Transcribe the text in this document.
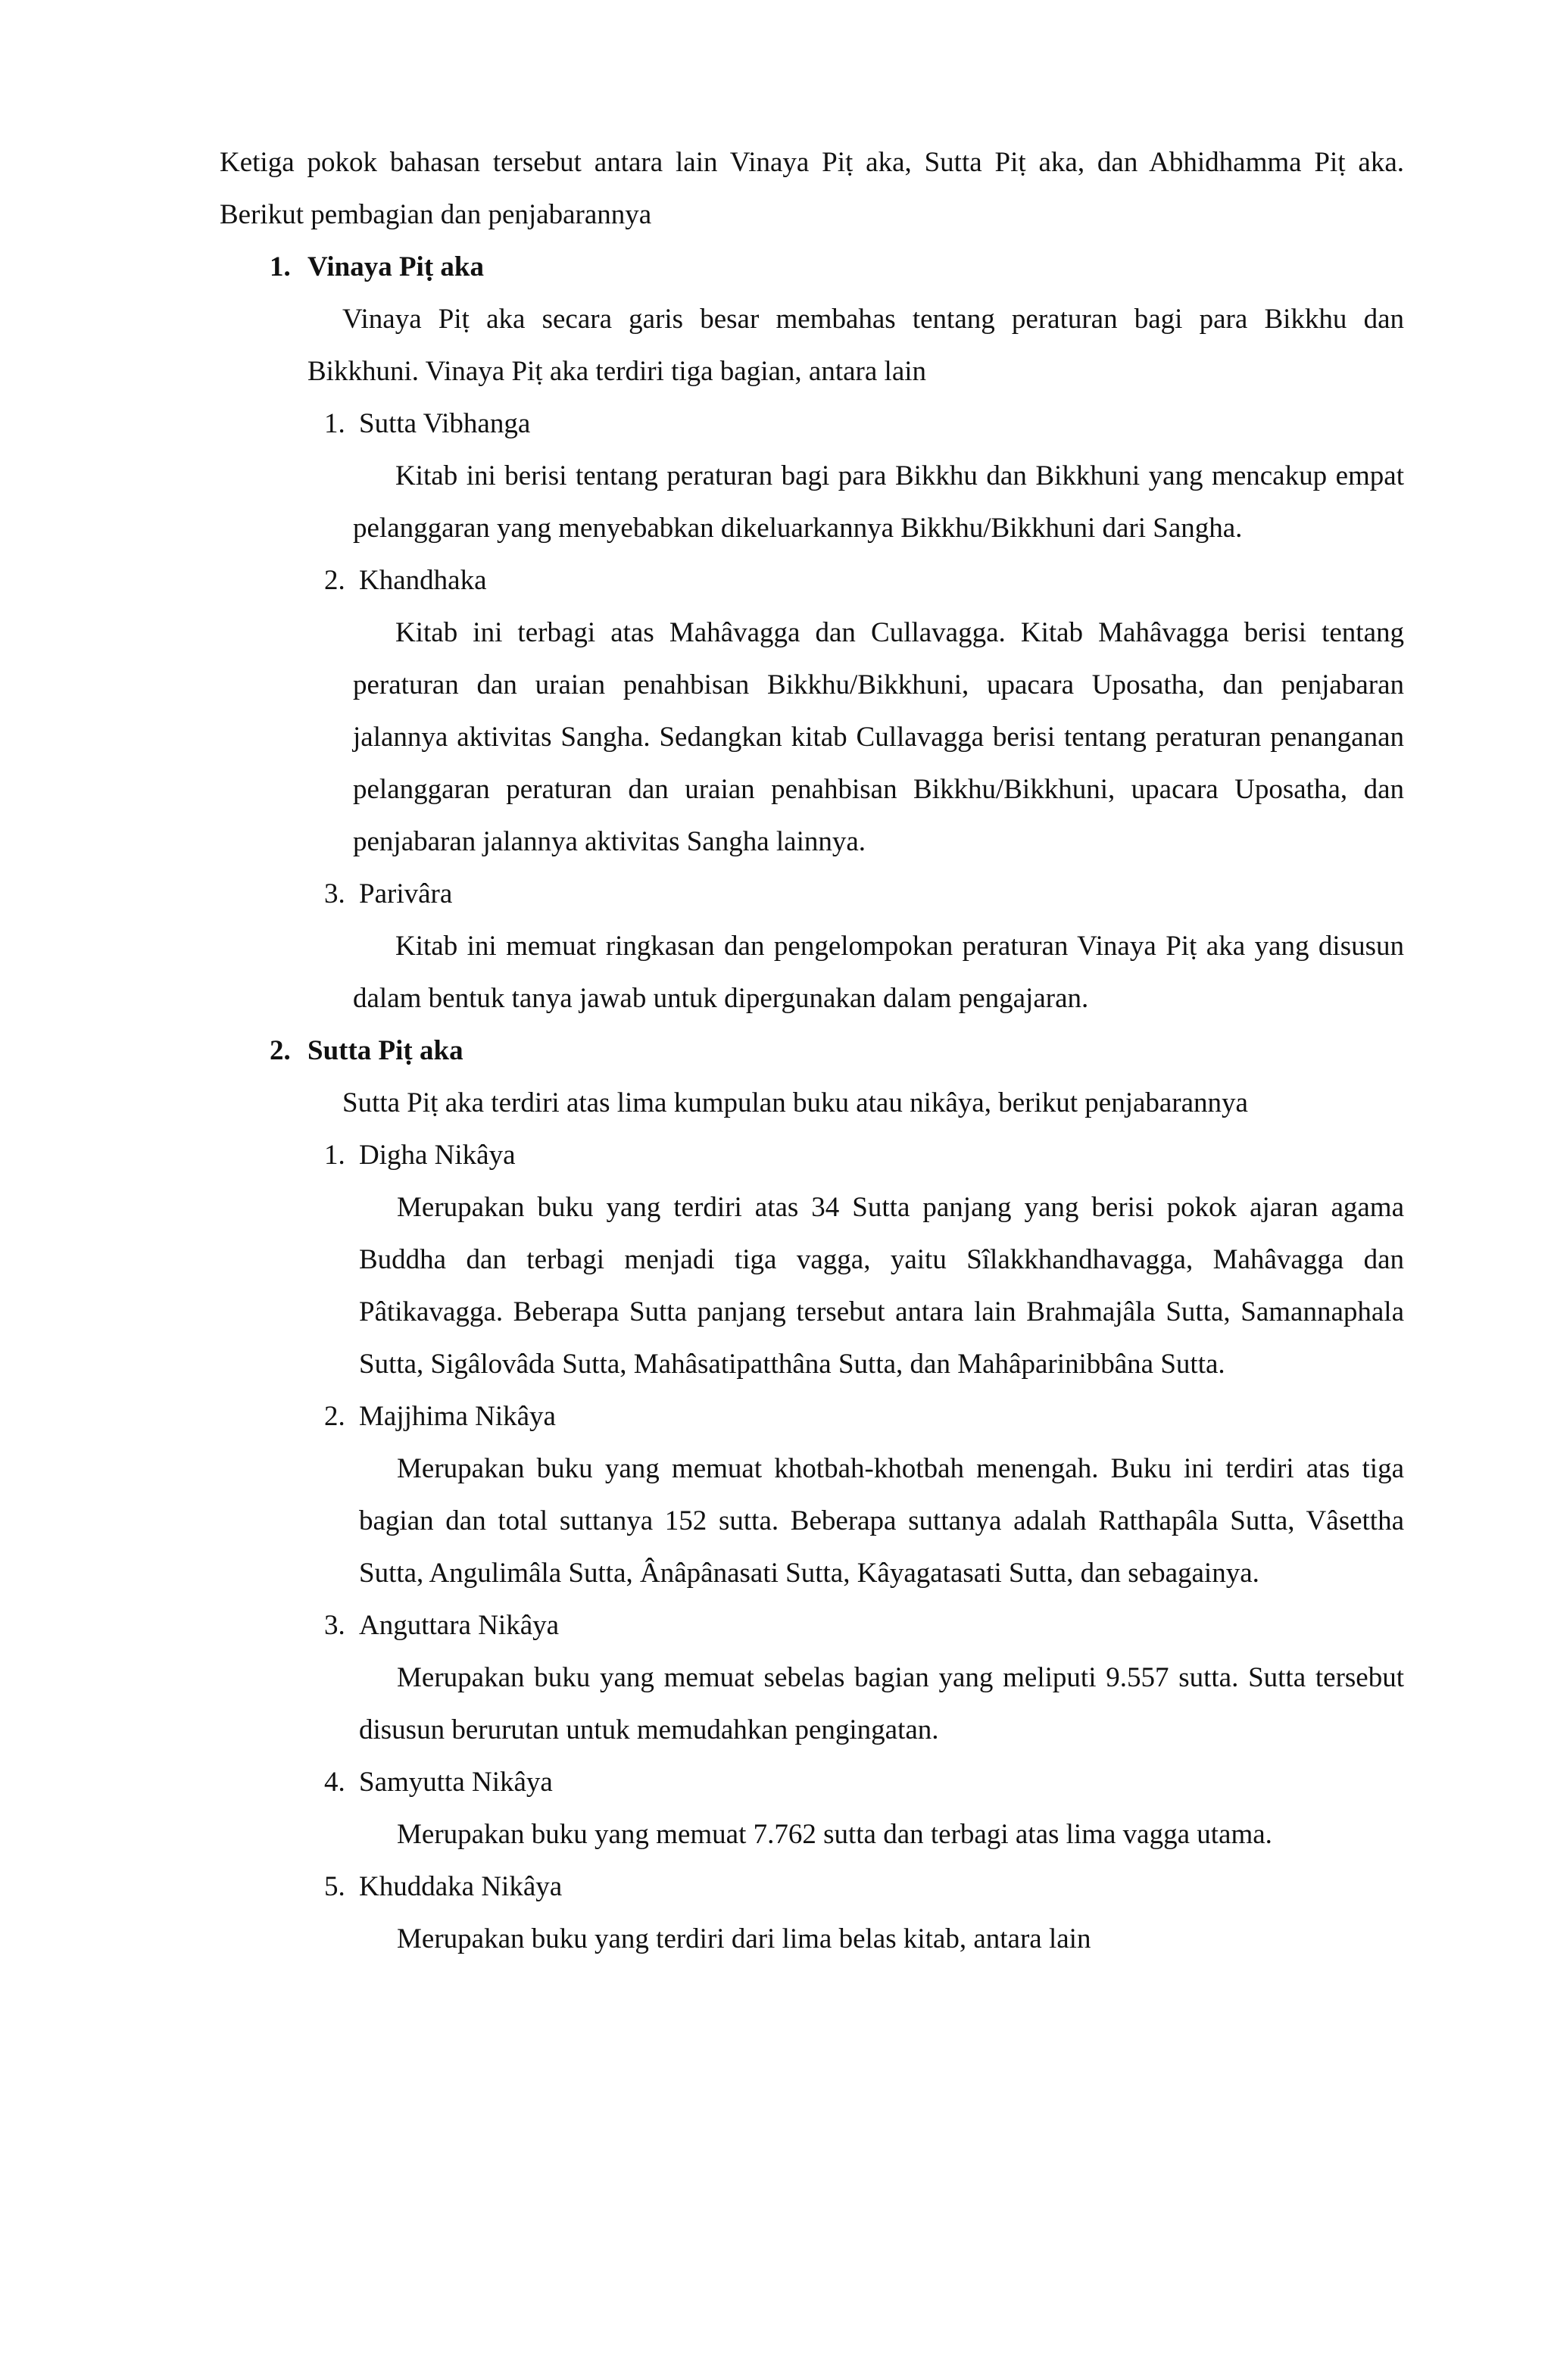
Ketiga pokok bahasan tersebut antara lain Vinaya Piṭ aka, Sutta Piṭ aka, dan Abhidhamma Piṭ aka. Berikut pembagian dan penjabarannya

1. Vinaya Piṭ aka

Vinaya Piṭ aka secara garis besar membahas tentang peraturan bagi para Bikkhu dan Bikkhuni. Vinaya Piṭ aka terdiri tiga bagian, antara lain

1. Sutta Vibhanga

Kitab ini berisi tentang peraturan bagi para Bikkhu dan Bikkhuni yang mencakup empat pelanggaran yang menyebabkan dikeluarkannya Bikkhu/Bikkhuni dari Sangha.

2. Khandhaka

Kitab ini terbagi atas Mahâvagga dan Cullavagga. Kitab Mahâvagga berisi tentang peraturan dan uraian penahbisan Bikkhu/Bikkhuni, upacara Uposatha, dan penjabaran jalannya aktivitas Sangha. Sedangkan kitab Cullavagga berisi tentang peraturan penanganan pelanggaran peraturan dan uraian penahbisan Bikkhu/Bikkhuni, upacara Uposatha, dan penjabaran jalannya aktivitas Sangha lainnya.

3. Parivâra

Kitab ini memuat ringkasan dan pengelompokan peraturan Vinaya Piṭ aka yang disusun dalam bentuk tanya jawab untuk dipergunakan dalam pengajaran.

2. Sutta Piṭ aka

Sutta Piṭ aka terdiri atas lima kumpulan buku atau nikâya, berikut penjabarannya

1. Digha Nikâya

Merupakan buku yang terdiri atas 34 Sutta panjang yang berisi pokok ajaran agama Buddha dan terbagi menjadi tiga vagga, yaitu Sîlakkhandhavagga, Mahâvagga dan Pâtikavagga. Beberapa Sutta panjang tersebut antara lain Brahmajâla Sutta, Samannaphala Sutta, Sigâlovâda Sutta, Mahâsatipatthâna Sutta, dan Mahâparinibbâna Sutta.

2. Majjhima Nikâya

Merupakan buku yang memuat khotbah-khotbah menengah. Buku ini terdiri atas tiga bagian dan total suttanya 152 sutta. Beberapa suttanya adalah Ratthapâla Sutta, Vâsettha Sutta, Angulimâla Sutta, Ânâpânasati Sutta, Kâyagatasati Sutta, dan sebagainya.

3. Anguttara Nikâya

Merupakan buku yang memuat sebelas bagian yang meliputi 9.557 sutta. Sutta tersebut disusun berurutan untuk memudahkan pengingatan.

4. Samyutta Nikâya

Merupakan buku yang memuat 7.762 sutta dan terbagi atas lima vagga utama.

5. Khuddaka Nikâya

Merupakan buku yang terdiri dari lima belas kitab, antara lain
